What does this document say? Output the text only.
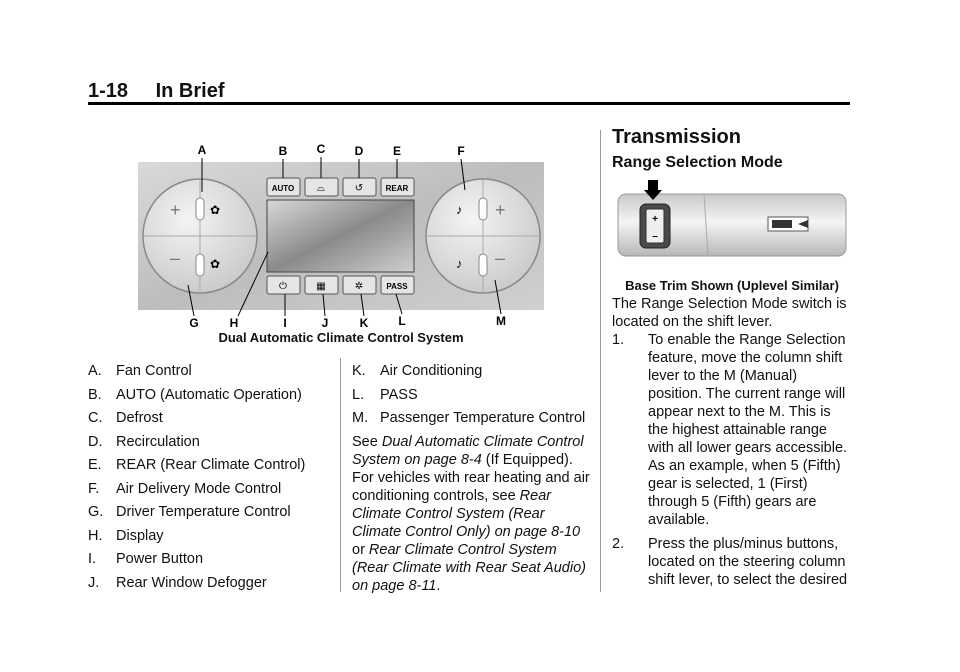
1-18 In Brief
+
–
✿
✿
+
–
♪
♪
AUTO ⌓	↺	REAR
⏻	▦	✲	PASS
A	B C D E	F
G	H	I	J	K L	M
Dual Automatic Climate Control System

A. Fan Control

B. AUTO (Automatic Operation)

C. Defrost

D. Recirculation

E. REAR (Rear Climate Control)

F. Air Delivery Mode Control

G. Driver Temperature Control

H. Display

I. Power Button

J. Rear Window Defogger

K. Air Conditioning

L. PASS

M. Passenger Temperature Control

See Dual Automatic Climate Control System on page 8-4 (If Equipped). For vehicles with rear heating and air conditioning controls, see Rear Climate Control System (Rear Climate Control Only) on page 8-10 or Rear Climate Control System (Rear Climate with Rear Seat Audio) on page 8-11.

Transmission
Range Selection Mode
+
–

Base Trim Shown (Uplevel Similar)

The Range Selection Mode switch is located on the shift lever.

1.	To enable the Range Selection feature, move the column shift lever to the M (Manual) position. The current range will appear next to the M. This is the highest attainable range with all lower gears accessible. As an example, when 5 (Fifth) gear is selected, 1 (First) through 5 (Fifth) gears are available.
2.	Press the plus/minus buttons, located on the steering column shift lever, to select the desired
